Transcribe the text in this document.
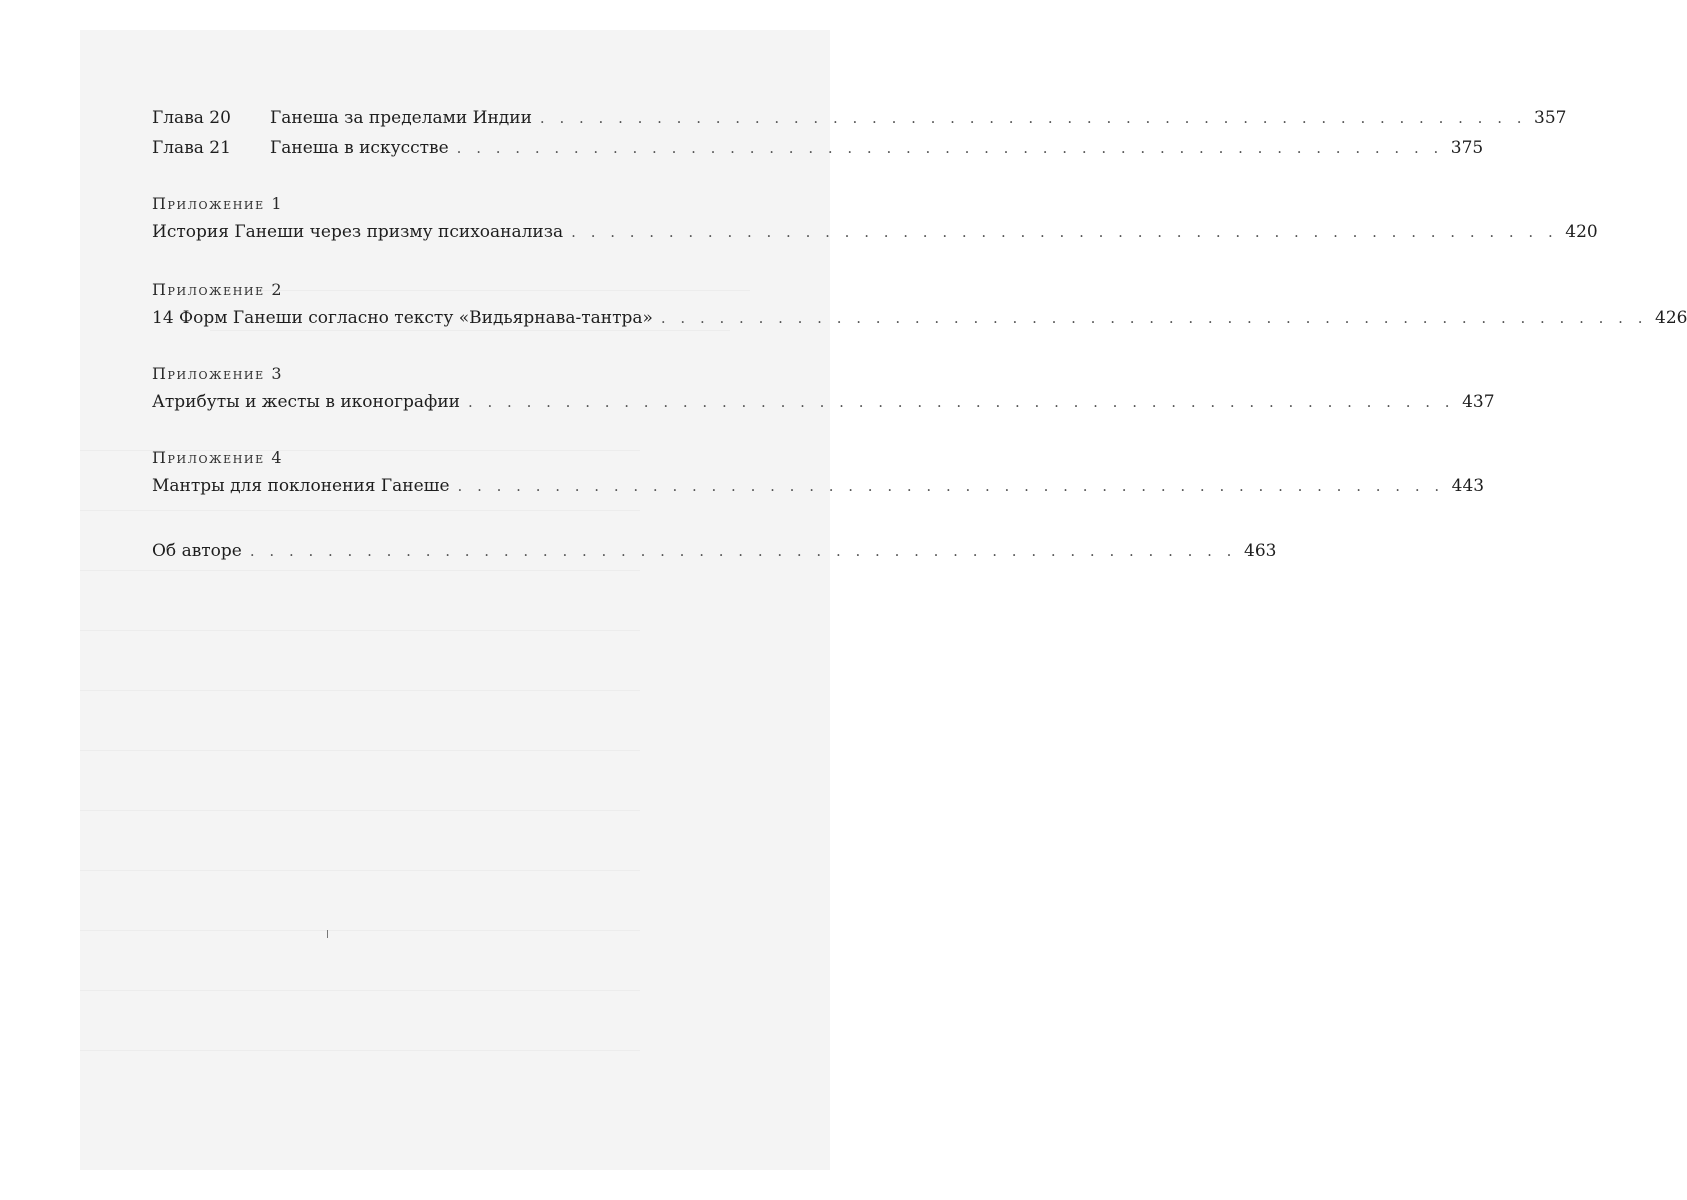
Глава 20	Ганеша за пределами Индии . . . . . . . . . . . . . . . . . . . . . . . . . . . . . . . . . . . . . . . . . . . . . . . . . . . 357
Глава 21	Ганеша в искусстве . . . . . . . . . . . . . . . . . . . . . . . . . . . . . . . . . . . . . . . . . . . . . . . . . . . 375
Приложение 1
История Ганеши через призму психоанализа . . . . . . . . . . . . . . . . . . . . . . . . . . . . . . . . . . . . . . . . . . . . . . . . . . . 420
Приложение 2
14 Форм Ганеши согласно тексту «Видьярнава-тантра» . . . . . . . . . . . . . . . . . . . . . . . . . . . . . . . . . . . . . . . . . . . . . . . . . . . 426
Приложение 3
Атрибуты и жесты в иконографии . . . . . . . . . . . . . . . . . . . . . . . . . . . . . . . . . . . . . . . . . . . . . . . . . . . 437
Приложение 4
Мантры для поклонения Ганеше . . . . . . . . . . . . . . . . . . . . . . . . . . . . . . . . . . . . . . . . . . . . . . . . . . . 443
Об авторе . . . . . . . . . . . . . . . . . . . . . . . . . . . . . . . . . . . . . . . . . . . . . . . . . . . 463
